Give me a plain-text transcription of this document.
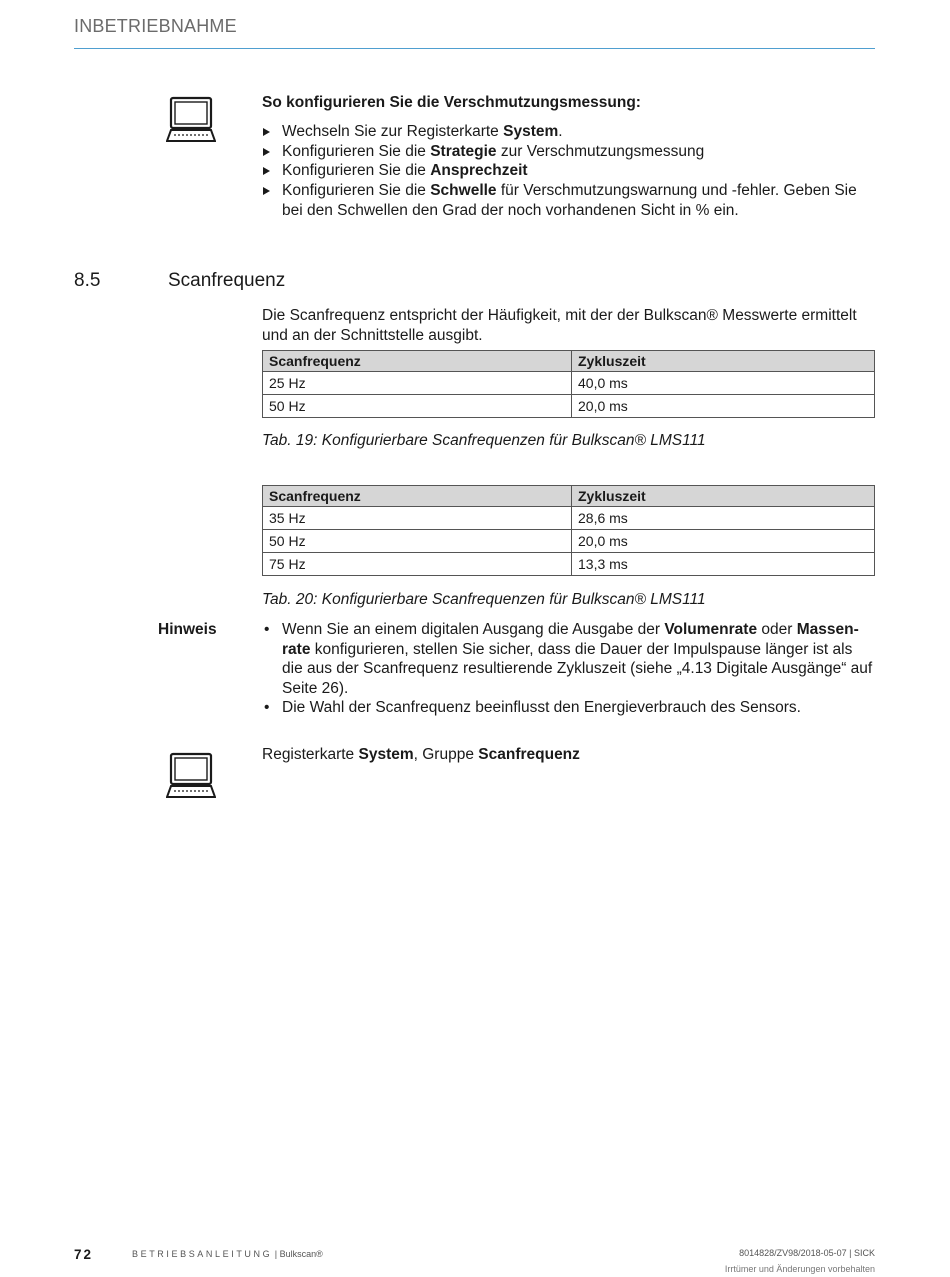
INBETRIEBNAHME
So konfigurieren Sie die Verschmutzungsmessung:
Wechseln Sie zur Registerkarte System.
Konfigurieren Sie die Strategie zur Verschmutzungsmessung
Konfigurieren Sie die Ansprechzeit
Konfigurieren Sie die Schwelle für Verschmutzungswarnung und -fehler. Geben Sie bei den Schwellen den Grad der noch vorhandenen Sicht in % ein.
8.5	Scanfrequenz
Die Scanfrequenz entspricht der Häufigkeit, mit der der Bulkscan® Messwerte ermittelt und an der Schnittstelle ausgibt.
Scanfrequenz	Zykluszeit
25 Hz	40,0 ms
50 Hz	20,0 ms
Tab. 19: Konfigurierbare Scanfrequenzen für Bulkscan® LMS111
Scanfrequenz	Zykluszeit
35 Hz	28,6 ms
50 Hz	20,0 ms
75 Hz	13,3 ms
Tab. 20: Konfigurierbare Scanfrequenzen für Bulkscan® LMS111
Hinweis	• Wenn Sie an einem digitalen Ausgang die Ausgabe der Volumenrate oder Massen-
rate konfigurieren, stellen Sie sicher, dass die Dauer der Impulspause länger ist als die aus der Scanfrequenz resultierende Zykluszeit (siehe „4.13 Digitale Ausgänge“ auf Seite 26).
• Die Wahl der Scanfrequenz beeinflusst den Energieverbrauch des Sensors.
Registerkarte System, Gruppe Scanfrequenz
72	BETRIEBSANLEITUNG | Bulkscan®	8014828/ZV98/2018-05-07 | SICK
Irrtümer und Änderungen vorbehalten
